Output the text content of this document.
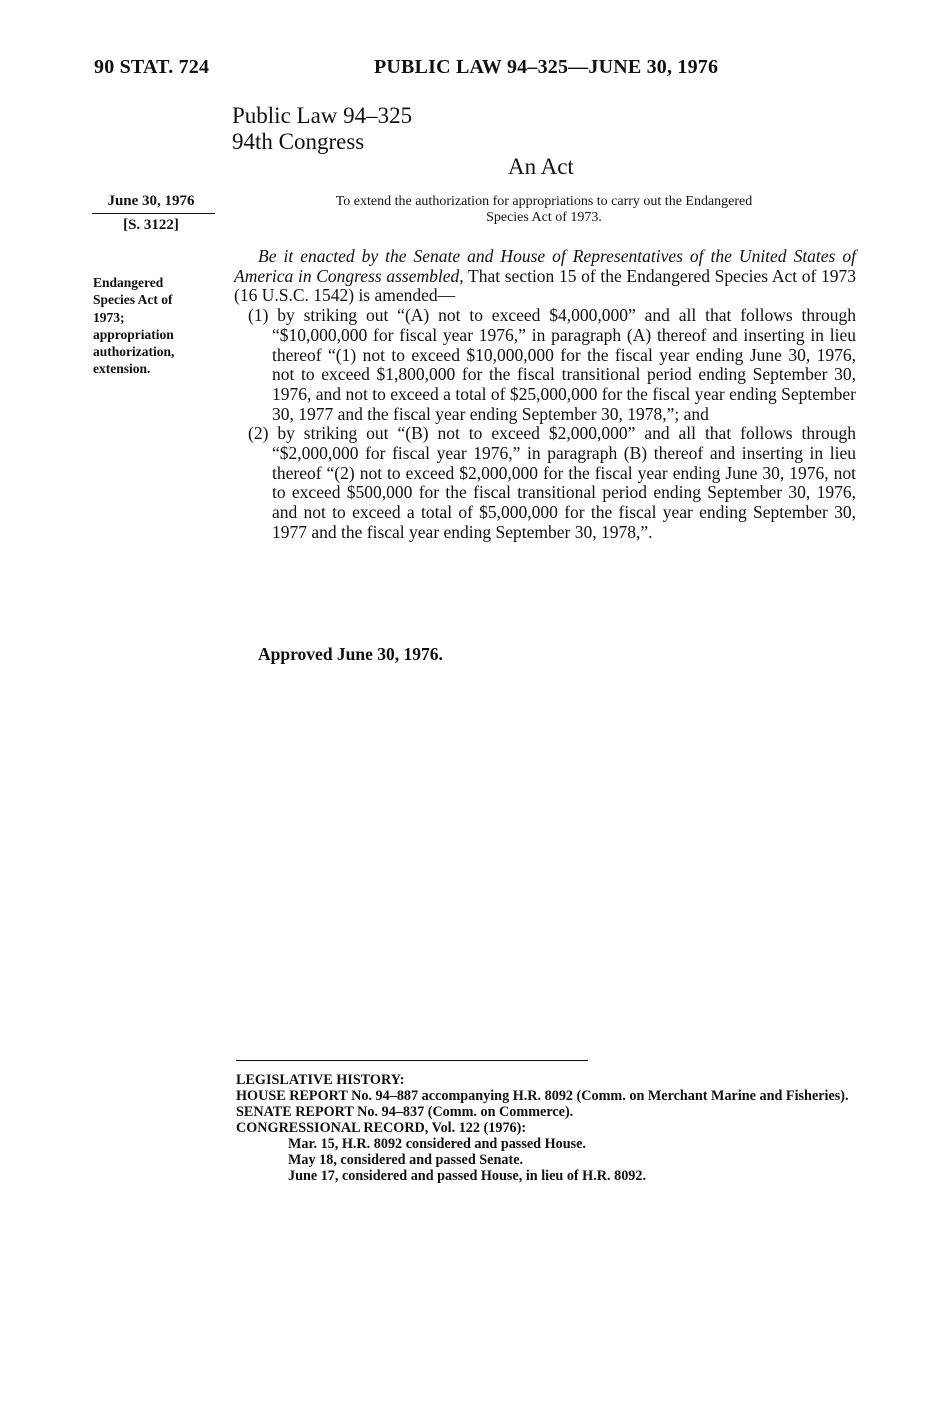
90 STAT. 724	PUBLIC LAW 94–325—JUNE 30, 1976
Public Law 94–325
94th Congress
An Act
June 30, 1976
[S. 3122]
Endangered
Species Act of
1973;
appropriation
authorization,
extension.

To extend the authorization for appropriations to carry out the Endangered

Species Act of 1973.

Be it enacted by the Senate and House of Representatives of the United States of America in Congress assembled, That section 15 of the Endangered Species Act of 1973 (16 U.S.C. 1542) is amended—

(1) by striking out “(A) not to exceed $4,000,000” and all that follows through “$10,000,000 for fiscal year 1976,” in paragraph (A) thereof and inserting in lieu thereof “(1) not to exceed $10,000,000 for the fiscal year ending June 30, 1976, not to exceed $1,800,000 for the fiscal transitional period ending September 30, 1976, and not to exceed a total of $25,000,000 for the fiscal year ending September 30, 1977 and the fiscal year ending September 30, 1978,”; and

(2) by striking out “(B) not to exceed $2,000,000” and all that follows through “$2,000,000 for fiscal year 1976,” in paragraph (B) thereof and inserting in lieu thereof “(2) not to exceed $2,000,000 for the fiscal year ending June 30, 1976, not to exceed $500,000 for the fiscal transitional period ending September 30, 1976, and not to exceed a total of $5,000,000 for the fiscal year ending September 30, 1977 and the fiscal year ending September 30, 1978,”.

Approved June 30, 1976.
LEGISLATIVE HISTORY:
HOUSE REPORT No. 94–887 accompanying H.R. 8092 (Comm. on Merchant Marine and Fisheries).
SENATE REPORT No. 94–837 (Comm. on Commerce).
CONGRESSIONAL RECORD, Vol. 122 (1976):
Mar. 15, H.R. 8092 considered and passed House.
May 18, considered and passed Senate.
June 17, considered and passed House, in lieu of H.R. 8092.
